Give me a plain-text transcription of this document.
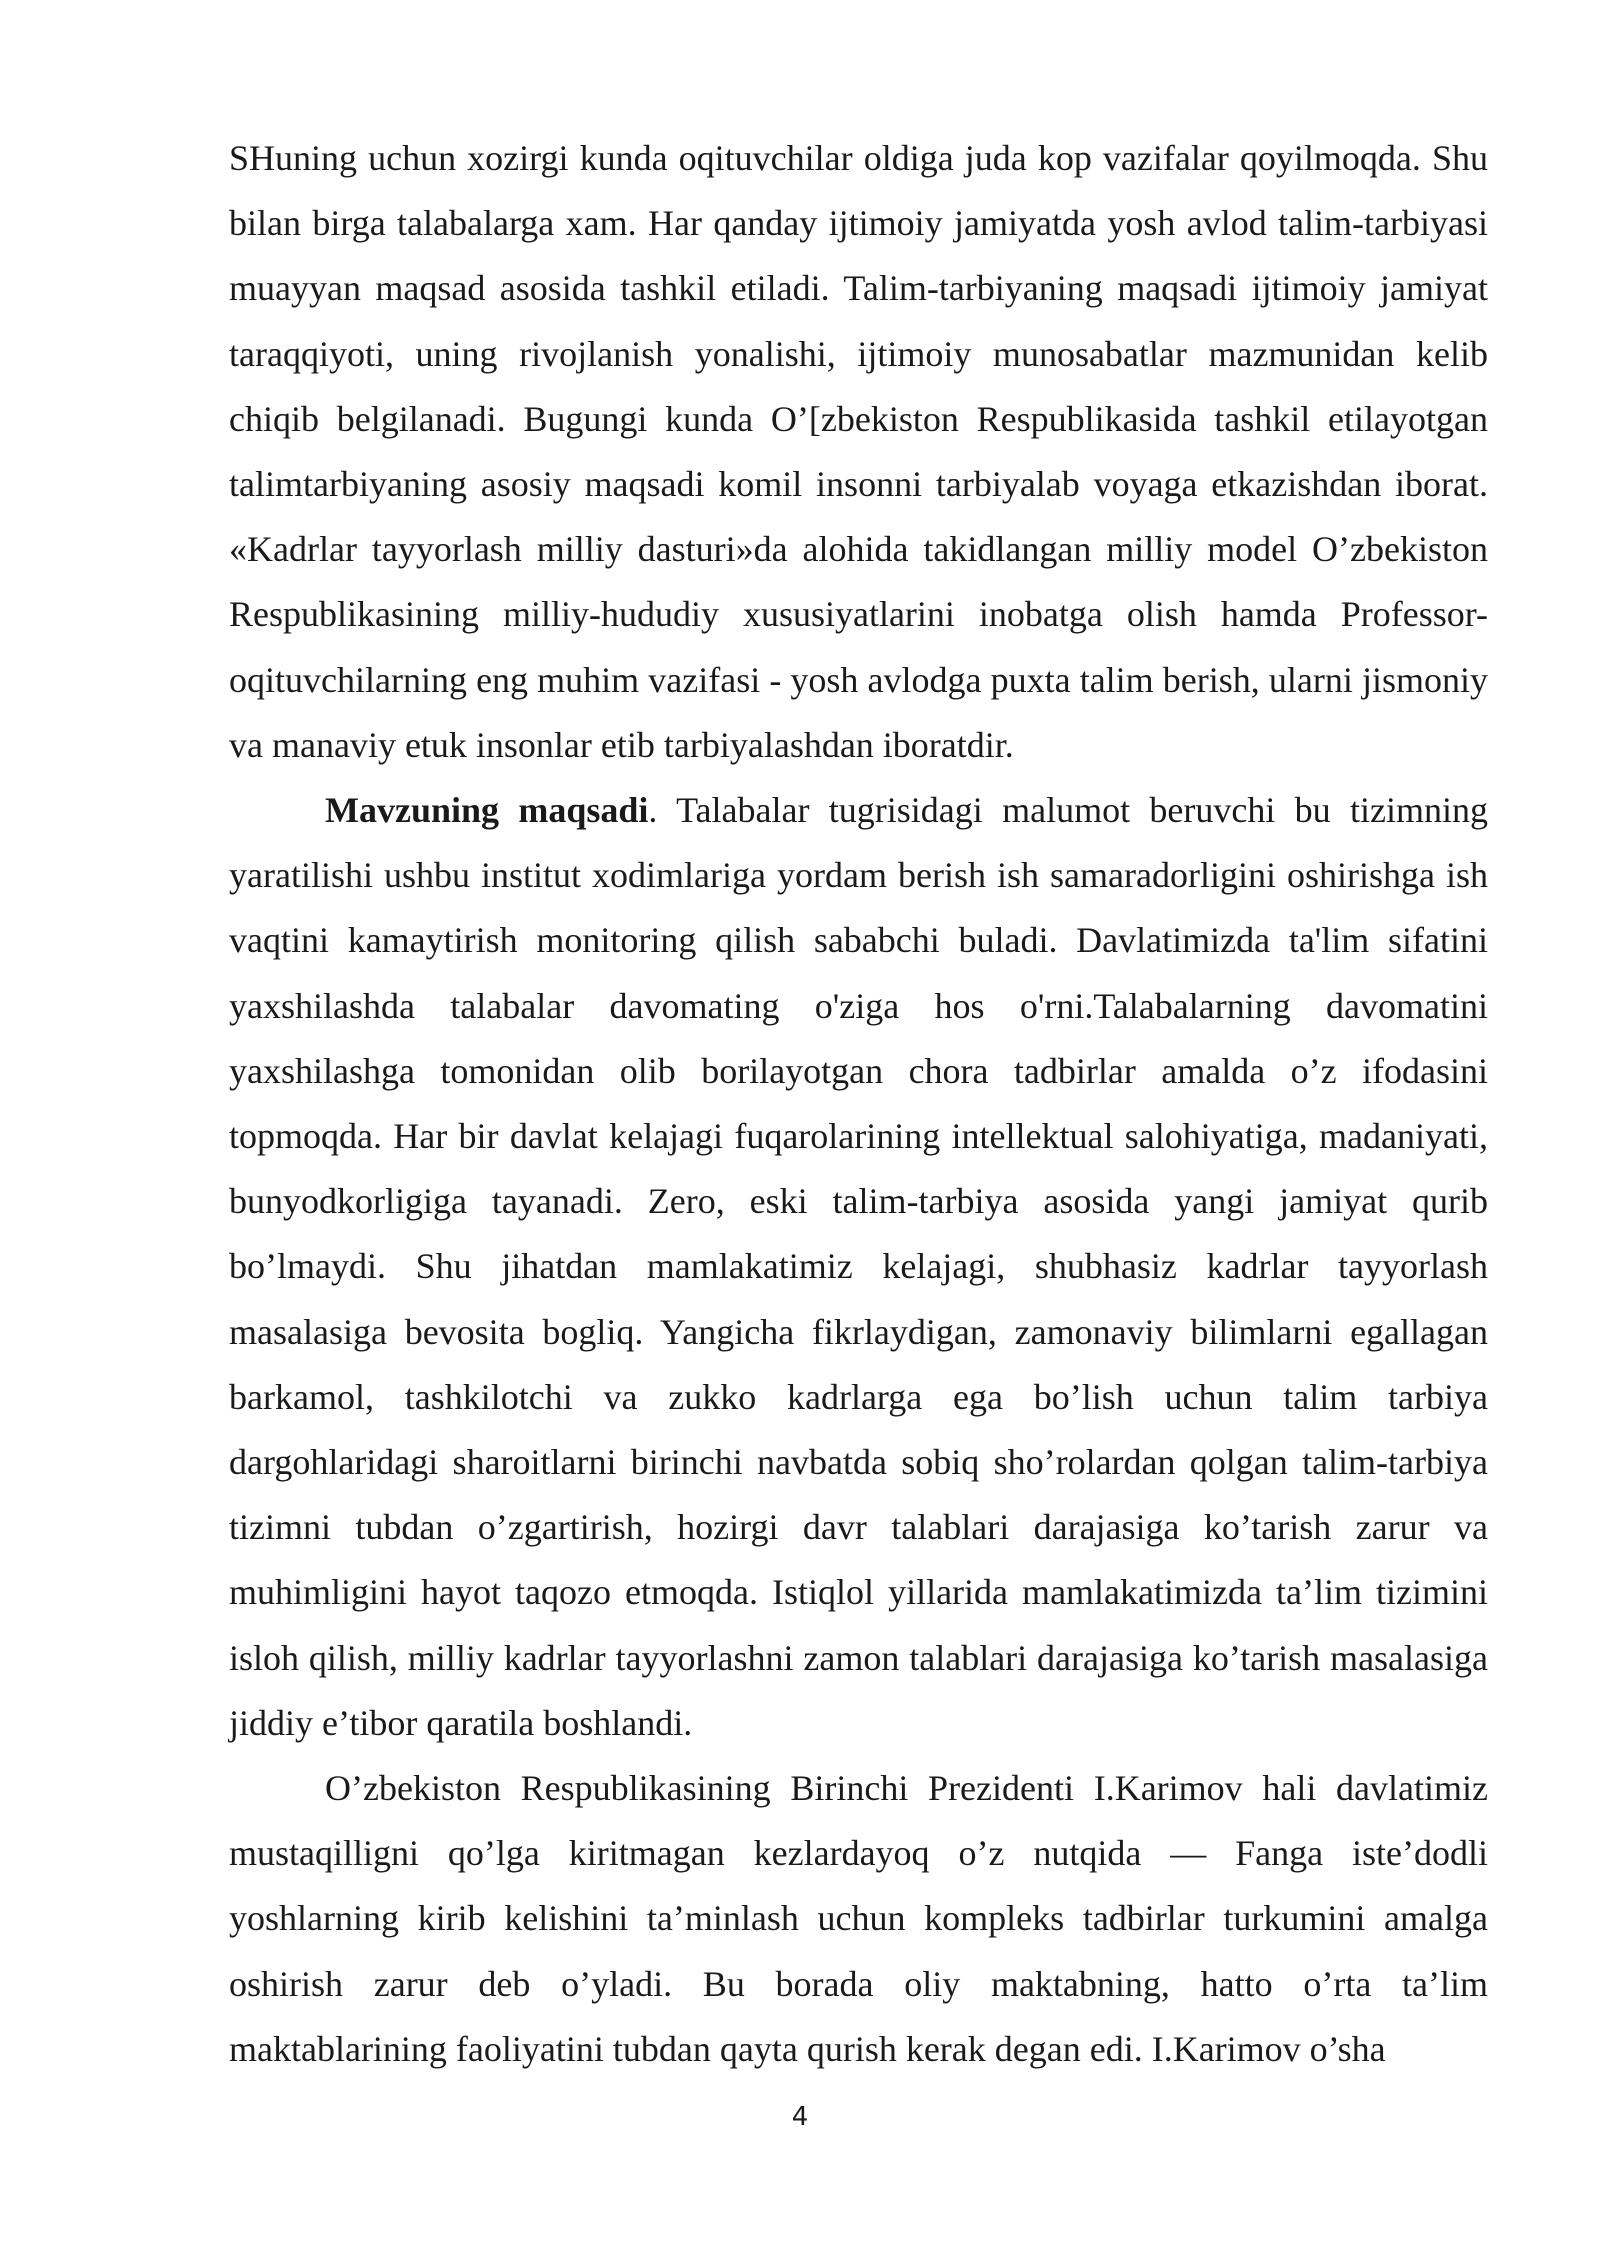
SHuning uchun xozirgi kunda oqituvchilar oldiga juda kop vazifalar qoyilmoqda. Shu bilan birga talabalarga xam. Har qanday ijtimoiy jamiyatda yosh avlod talim-tarbiyasi muayyan maqsad asosida tashkil etiladi. Talim-tarbiyaning maqsadi ijtimoiy jamiyat taraqqiyoti, uning rivojlanish yonalishi, ijtimoiy munosabatlar mazmunidan kelib chiqib belgilanadi. Bugungi kunda O’[zbekiston Respublikasida tashkil etilayotgan talimtarbiyaning asosiy maqsadi komil insonni tarbiyalab voyaga etkazishdan iborat. «Kadrlar tayyorlash milliy dasturi»da alohida takidlangan milliy model O’zbekiston Respublikasining milliy-hududiy xususiyatlarini inobatga olish hamda Professor-oqituvchilarning eng muhim vazifasi - yosh avlodga puxta talim berish, ularni jismoniy va manaviy etuk insonlar etib tarbiyalashdan iboratdir.

Mavzuning maqsadi. Talabalar tugrisidagi malumot beruvchi bu tizimning yaratilishi ushbu institut xodimlariga yordam berish ish samaradorligini oshirishga ish vaqtini kamaytirish monitoring qilish sababchi buladi. Davlatimizda ta'lim sifatini yaxshilashda talabalar davomating o'ziga hos o'rni.Talabalarning davomatini yaxshilashga tomonidan olib borilayotgan chora tadbirlar amalda o’z ifodasini topmoqda. Har bir davlat kelajagi fuqarolarining intellektual salohiyatiga, madaniyati, bunyodkorligiga tayanadi. Zero, eski talim-tarbiya asosida yangi jamiyat qurib bo’lmaydi. Shu jihatdan mamlakatimiz kelajagi, shubhasiz kadrlar tayyorlash masalasiga bevosita bogliq. Yangicha fikrlaydigan, zamonaviy bilimlarni egallagan barkamol, tashkilotchi va zukko kadrlarga ega bo’lish uchun talim tarbiya dargohlaridagi sharoitlarni birinchi navbatda sobiq sho’rolardan qolgan talim-tarbiya tizimni tubdan o’zgartirish, hozirgi davr talablari darajasiga ko’tarish zarur va muhimligini hayot taqozo etmoqda. Istiqlol yillarida mamlakatimizda ta’lim tizimini isloh qilish, milliy kadrlar tayyorlashni zamon talablari darajasiga ko’tarish masalasiga jiddiy e’tibor qaratila boshlandi.

O’zbekiston Respublikasining Birinchi Prezidenti I.Karimov hali davlatimiz mustaqilligni qo’lga kiritmagan kezlardayoq o’z nutqida — Fanga iste’dodli yoshlarning kirib kelishini ta’minlash uchun kompleks tadbirlar turkumini amalga oshirish zarur deb o’yladi. Bu borada oliy maktabning, hatto o’rta ta’lim maktablarining faoliyatini tubdan qayta qurish kerak degan edi. I.Karimov o’sha

4
